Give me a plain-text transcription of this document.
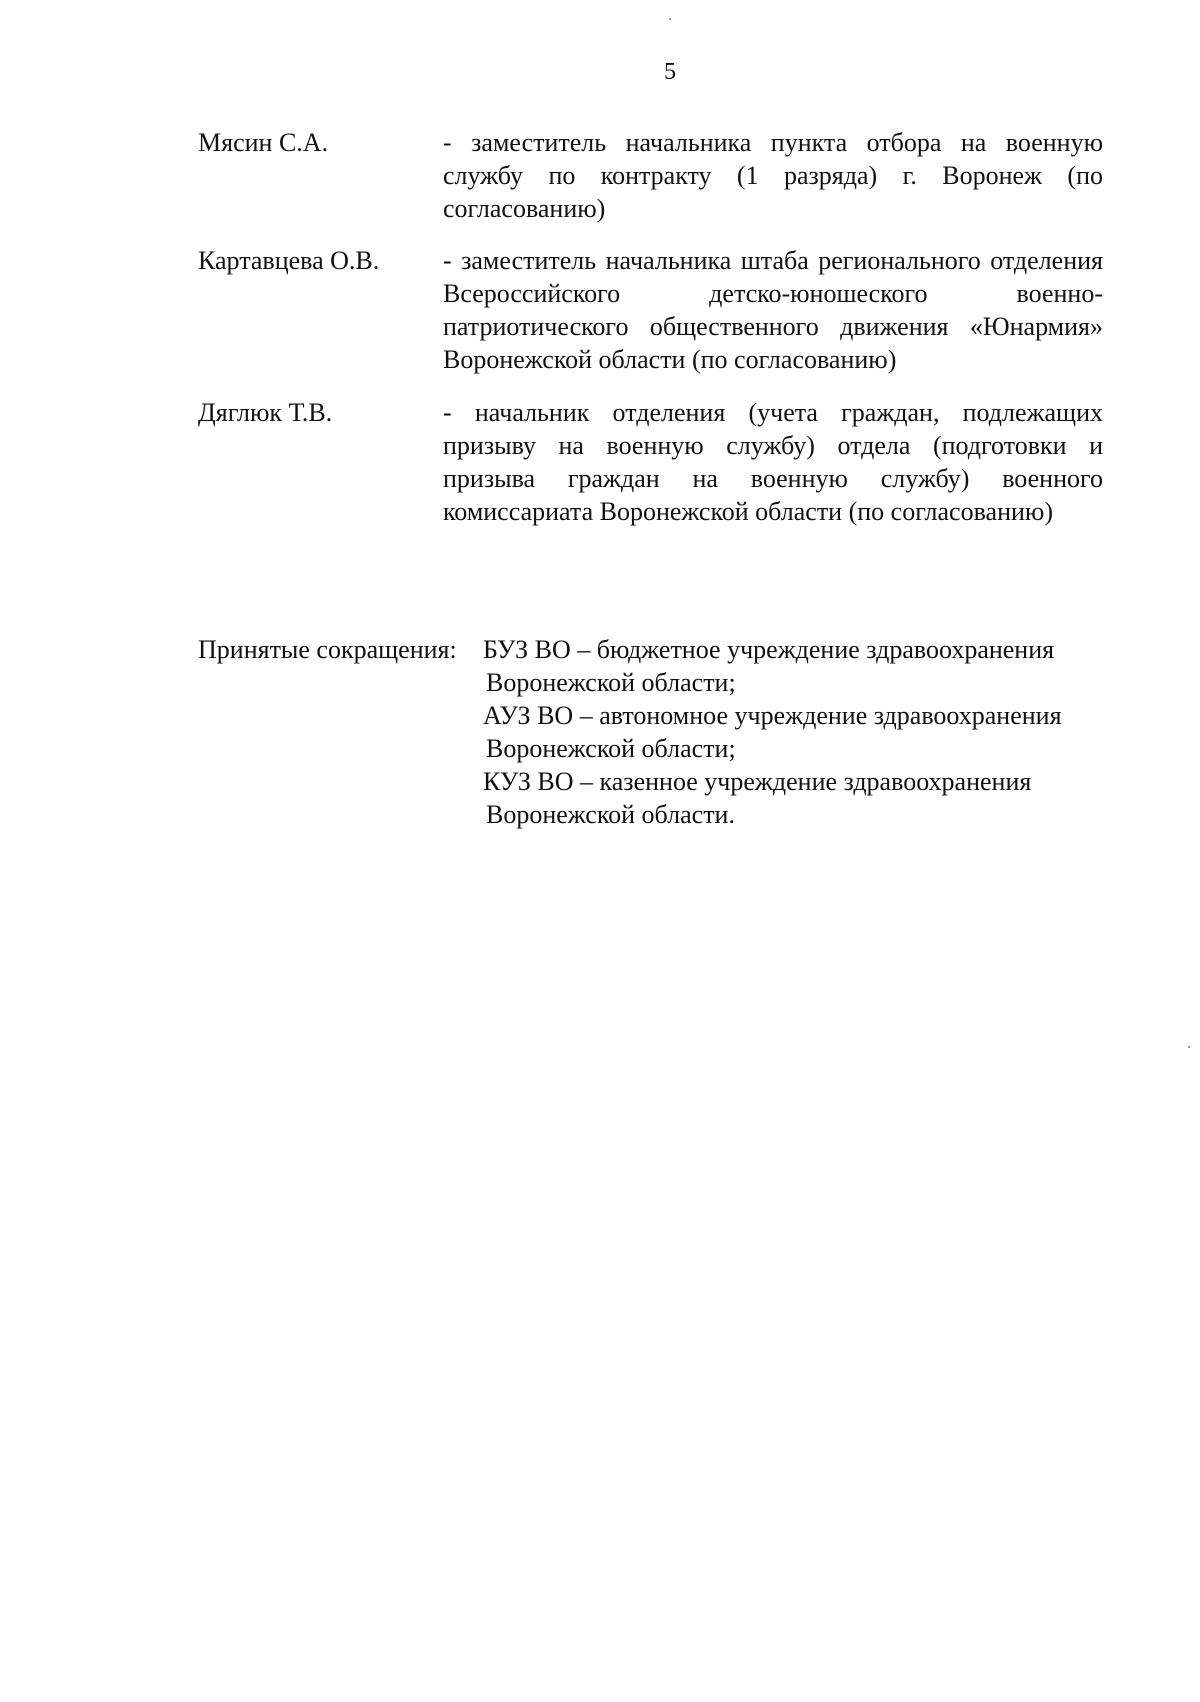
5
Мясин С.А.	- заместитель начальника пункта отбора на военную службу по контракту (1 разряда) г. Воронеж (по согласованию)
Картавцева О.В. - заместитель начальника штаба регионального отделения Всероссийского детско-юношеского военно-патриотического общественного движения «Юнармия» Воронежской области (по согласованию)
Дяглюк Т.В.	- начальник отделения (учета граждан, подлежащих призыву на военную службу) отдела (подготовки и призыва граждан на военную службу) военного комиссариата Воронежской области (по согласованию)
Принятые сокращения: БУЗ ВО – бюджетное учреждение здравоохранения
Воронежской области;
АУЗ ВО – автономное учреждение здравоохранения
Воронежской области;
КУЗ ВО – казенное учреждение здравоохранения
Воронежской области.
